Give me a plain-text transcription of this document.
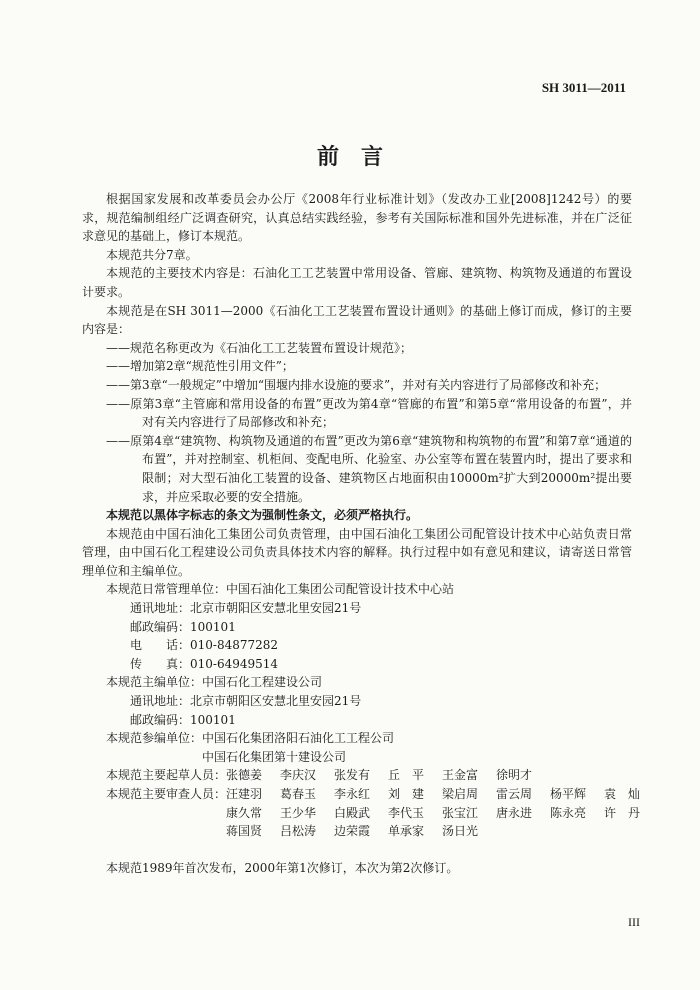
SH 3011—2011
前言

根据国家发展和改革委员会办公厅《2008年行业标准计划》（发改办工业[2008]1242号）的要求，规范编制组经广泛调查研究，认真总结实践经验，参考有关国际标准和国外先进标准，并在广泛征求意见的基础上，修订本规范。

本规范共分7章。

本规范的主要技术内容是：石油化工工艺装置中常用设备、管廊、建筑物、构筑物及通道的布置设计要求。

本规范是在SH 3011—2000《石油化工工艺装置布置设计通则》的基础上修订而成，修订的主要内容是：

——规范名称更改为《石油化工工艺装置布置设计规范》；

——增加第2章“规范性引用文件”；

——第3章“一般规定”中增加“围堰内排水设施的要求”，并对有关内容进行了局部修改和补充；

——原第3章“主管廊和常用设备的布置”更改为第4章“管廊的布置”和第5章“常用设备的布置”，并对有关内容进行了局部修改和补充；

——原第4章“建筑物、构筑物及通道的布置”更改为第6章“建筑物和构筑物的布置”和第7章“通道的布置”，并对控制室、机柜间、变配电所、化验室、办公室等布置在装置内时，提出了要求和限制；对大型石油化工装置的设备、建筑物区占地面积由10000m²扩大到20000m²提出要求，并应采取必要的安全措施。

本规范以黑体字标志的条文为强制性条文，必须严格执行。

本规范由中国石油化工集团公司负责管理，由中国石油化工集团公司配管设计技术中心站负责日常管理，由中国石化工程建设公司负责具体技术内容的解释。执行过程中如有意见和建议，请寄送日常管理单位和主编单位。

本规范日常管理单位：中国石油化工集团公司配管设计技术中心站

通讯地址：北京市朝阳区安慧北里安园21号

邮政编码：100101

电　　话：010-84877282

传　　真：010-64949514

本规范主编单位：中国石化工程建设公司

通讯地址：北京市朝阳区安慧北里安园21号

邮政编码：100101

本规范参编单位：中国石化集团洛阳石油化工工程公司

中国石化集团第十建设公司

本规范主要起草人员：张德姜 李庆汉 张发有 丘　平 王金富 徐明才

本规范主要审查人员：汪建羽 葛春玉 李永红 刘　建 梁启周 雷云周 杨平辉 袁　灿

康久常 王少华 白殿武 李代玉 张宝江 唐永进 陈永亮 许　丹

蒋国贤 吕松涛 边荣霞 单承家 汤日光

本规范1989年首次发布，2000年第1次修订，本次为第2次修订。

III
